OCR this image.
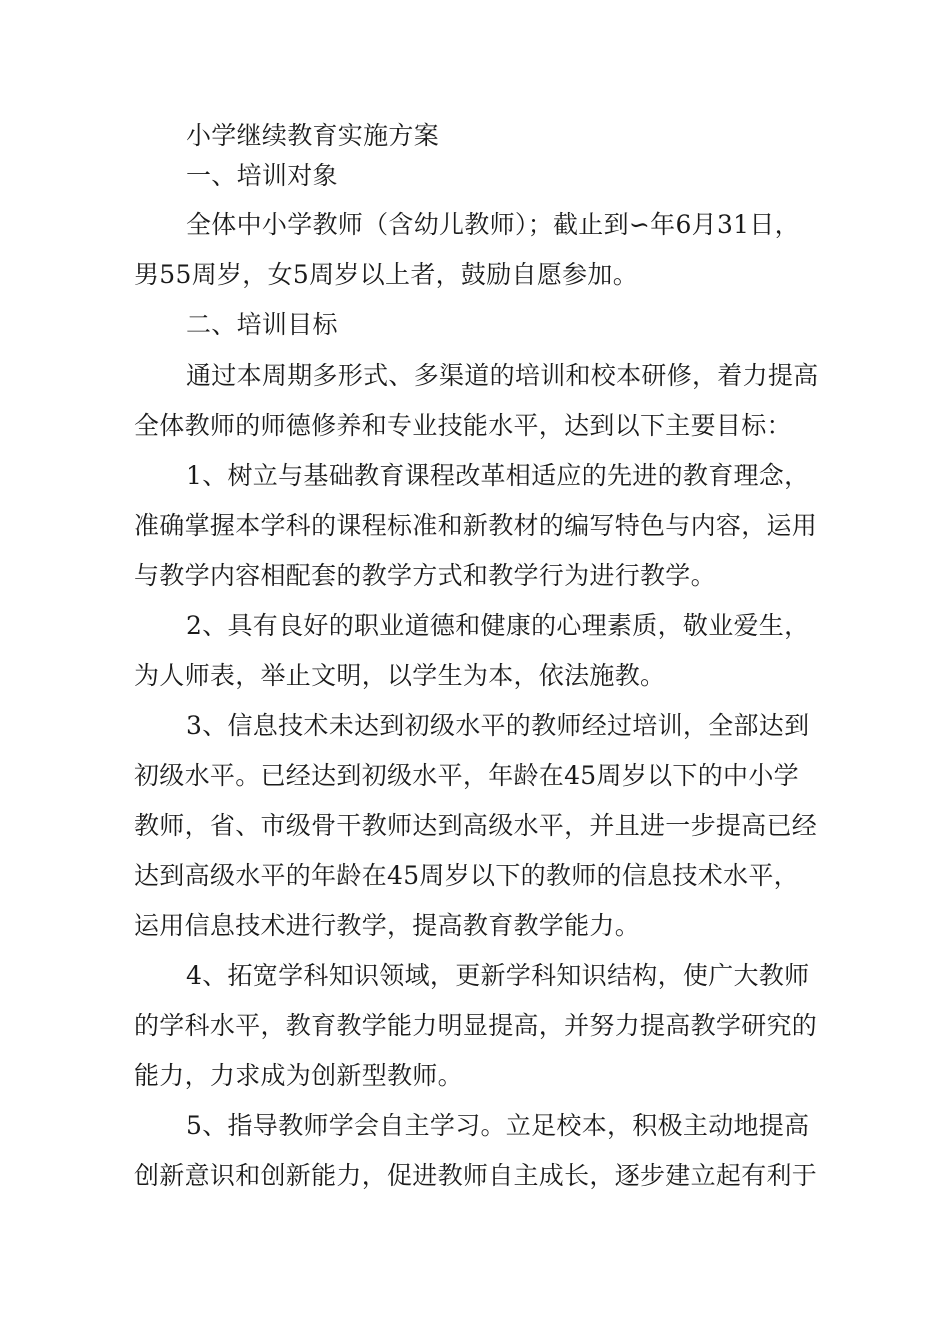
小学继续教育实施方案
一、培训对象
全体中小学教师（含幼儿教师）；截止到∽年6月31日，
男55周岁，女5周岁以上者，鼓励自愿参加。
二、培训目标
通过本周期多形式、多渠道的培训和校本研修，着力提高
全体教师的师德修养和专业技能水平，达到以下主要目标：
1、树立与基础教育课程改革相适应的先进的教育理念，
准确掌握本学科的课程标准和新教材的编写特色与内容，运用
与教学内容相配套的教学方式和教学行为进行教学。
2、具有良好的职业道德和健康的心理素质，敬业爱生，
为人师表，举止文明，以学生为本，依法施教。
3、信息技术未达到初级水平的教师经过培训，全部达到
初级水平。已经达到初级水平，年龄在45周岁以下的中小学
教师，省、市级骨干教师达到高级水平，并且进一步提高已经
达到高级水平的年龄在45周岁以下的教师的信息技术水平，
运用信息技术进行教学，提高教育教学能力。
4、拓宽学科知识领域，更新学科知识结构，使广大教师
的学科水平，教育教学能力明显提高，并努力提高教学研究的
能力，力求成为创新型教师。
5、指导教师学会自主学习。立足校本，积极主动地提高
创新意识和创新能力，促进教师自主成长，逐步建立起有利于
